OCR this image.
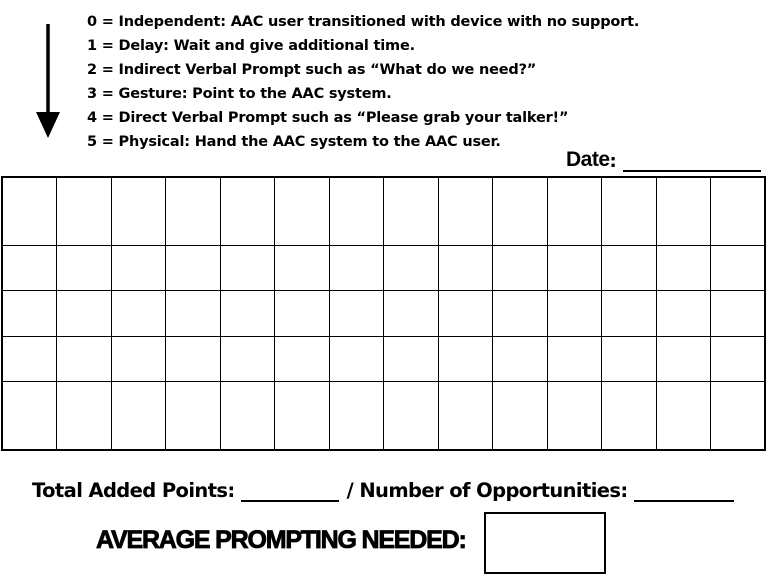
0 = Independent: AAC user transitioned with device with no support.
1 = Delay: Wait and give additional time.
2 = Indirect Verbal Prompt such as “What do we need?”
3 = Gesture: Point to the AAC system.
4 = Direct Verbal Prompt such as “Please grab your talker!”
5 = Physical: Hand the AAC system to the AAC user.
Date :

Total Added Points:	/ Number of Opportunities:
AVERAGE PROMPTING NEEDED:
